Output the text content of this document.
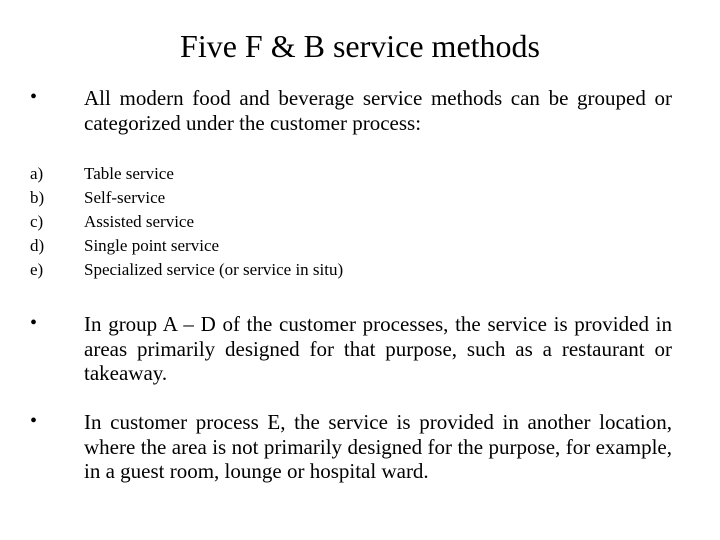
Five F & B service methods
• All modern food and beverage service methods can be grouped or categorized under the customer process:
a)	Table service
b)	Self-service
c)	Assisted service
d)	Single point service
e)	Specialized service (or service in situ)
• In group A – D of the customer processes, the service is provided in areas primarily designed for that purpose, such as a restaurant or takeaway.
• In customer process E, the service is provided in another location, where the area is not primarily designed for the purpose, for example, in a guest room, lounge or hospital ward.
